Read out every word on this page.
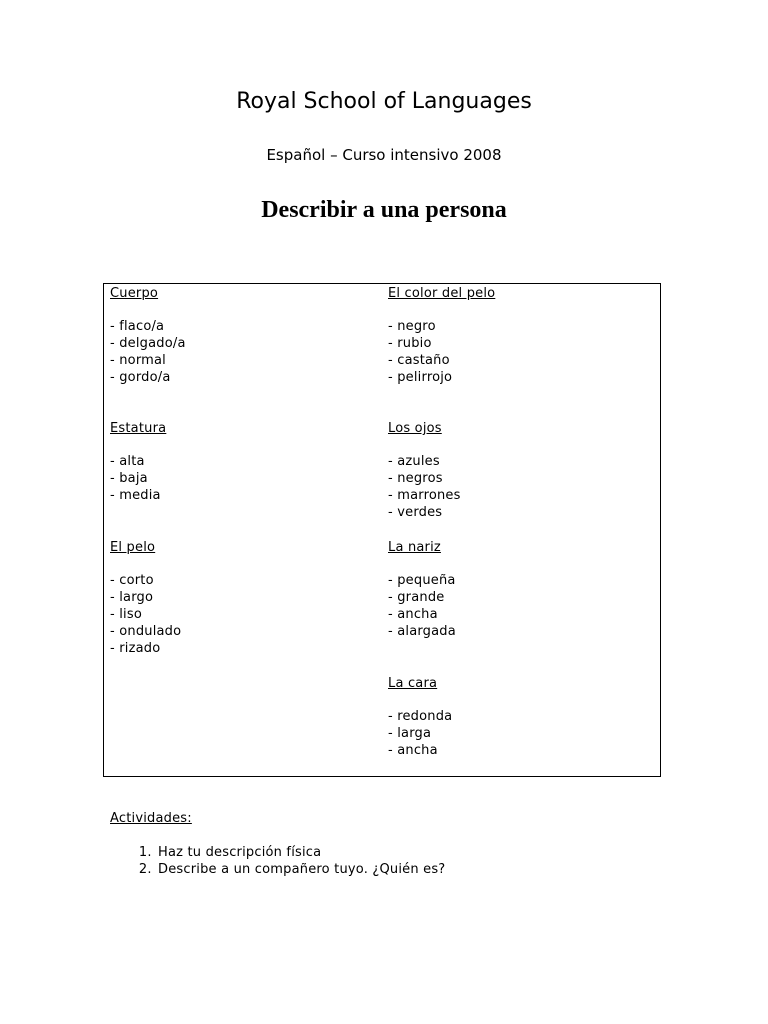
Royal School of Languages
Español – Curso intensivo 2008
Describir a una persona
Cuerpo
- flaco/a
- delgado/a
- normal
- gordo/a
Estatura
- alta
- baja
- media
El pelo
- corto
- largo
- liso
- ondulado
- rizado
El color del pelo
- negro
- rubio
- castaño
- pelirrojo
Los ojos
- azules
- negros
- marrones
- verdes
La nariz
- pequeña
- grande
- ancha
- alargada
La cara
- redonda
- larga
- ancha
Actividades:
1. Haz tu descripción física
2. Describe a un compañero tuyo. ¿Quién es?
